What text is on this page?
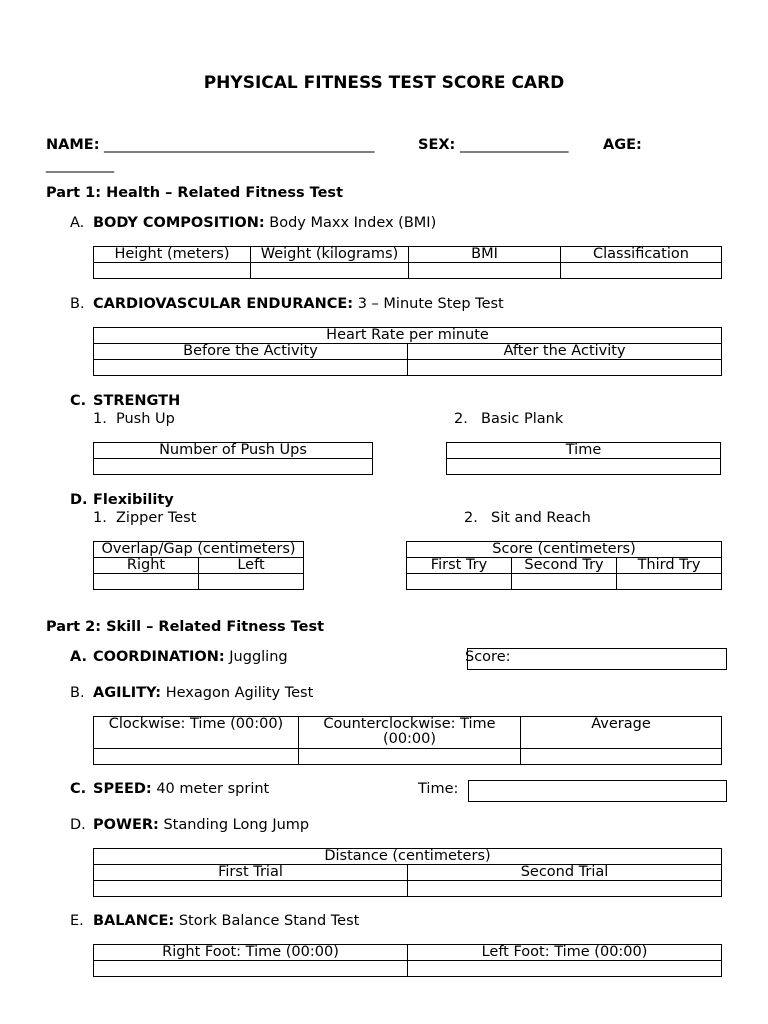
PHYSICAL FITNESS TEST SCORE CARD
NAME: ________________________________________	SEX: ________________ AGE:
__________
Part 1: Health – Related Fitness Test
A. BODY COMPOSITION: Body Maxx Index (BMI)
Height (meters)	Weight (kilograms)	BMI	Classification

B. CARDIOVASCULAR ENDURANCE: 3 – Minute Step Test
Heart Rate per minute	
Before the Activity	After the Activity

C. STRENGTH
1. Push Up	2. Basic Plank
Number of Push Ups	Time

D. Flexibility
1. Zipper Test	2. Sit and Reach
Overlap/Gap (centimeters)	
Right	Left

Score (centimeters)		
First Try	Second Try	Third Try

Part 2: Skill – Related Fitness Test
A. COORDINATION: Juggling	Score:
B. AGILITY: Hexagon Agility Test
Clockwise: Time (00:00)	Counterclockwise: Time (00:00)	Average

C. SPEED: 40 meter sprint	Time:
D. POWER: Standing Long Jump
Distance (centimeters)	
First Trial	Second Trial

E. BALANCE: Stork Balance Stand Test
Right Foot: Time (00:00)	Left Foot: Time (00:00)
